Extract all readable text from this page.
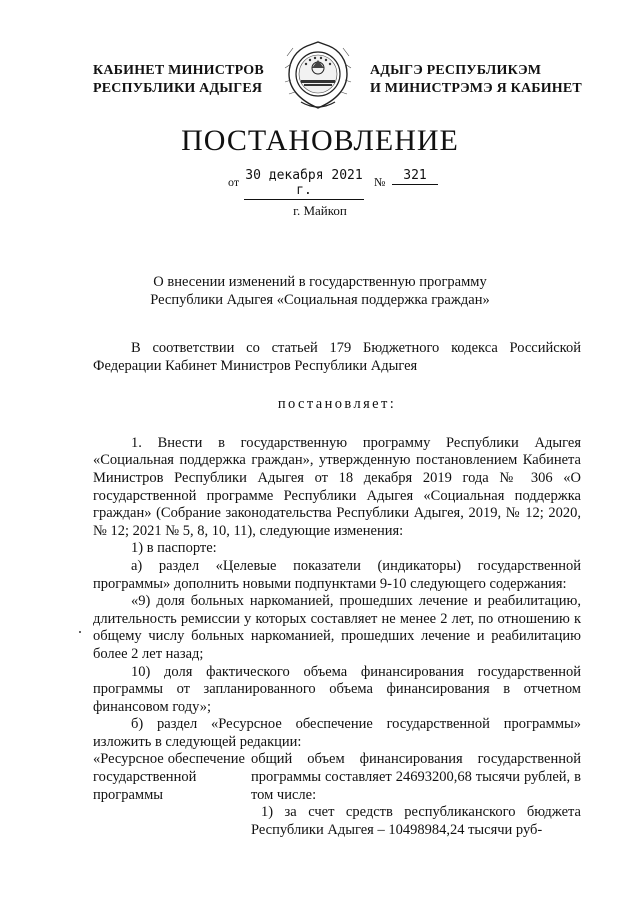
КАБИНЕТ МИНИСТРОВ
РЕСПУБЛИКИ АДЫГЕЯ
АДЫГЭ РЕСПУБЛИКЭМ
И МИНИСТРЭМЭ Я КАБИНЕТ
ПОСТАНОВЛЕНИЕ
от 30 декабря 2021 г.
№	321
г. Майкоп
О внесении изменений в государственную программу
Республики Адыгея «Социальная поддержка граждан»

В соответствии со статьей 179 Бюджетного кодекса Российской Федерации Кабинет Министров Республики Адыгея

постановляет:

1. Внести в государственную программу Республики Адыгея «Социальная поддержка граждан», утвержденную постановлением Кабинета Министров Республики Адыгея от 18 декабря 2019 года № 306 «О государственной программе Республики Адыгея «Социальная поддержка граждан» (Собрание законодательства Республики Адыгея, 2019, № 12; 2020, № 12; 2021 № 5, 8, 10, 11), следующие изменения:

1) в паспорте:

а) раздел «Целевые показатели (индикаторы) государственной программы» дополнить новыми подпунктами 9-10 следующего содержания:

«9) доля больных наркоманией, прошедших лечение и реабилитацию, длительность ремиссии у которых составляет не менее 2 лет, по отношению к общему числу больных наркоманией, прошедших лечение и реабилитацию более 2 лет назад;

10) доля фактического объема финансирования государственной программы от запланированного объема финансирования в отчетном финансовом году»;

б) раздел «Ресурсное обеспечение государственной программы» изложить в следующей редакции:

«Ресурсное обеспечение государственной программы

общий объем финансирования государственной программы составляет 24693200,68 тысячи рублей, в том числе:

1) за счет средств республиканского бюджета Республики Адыгея – 10498984,24 тысячи руб-
